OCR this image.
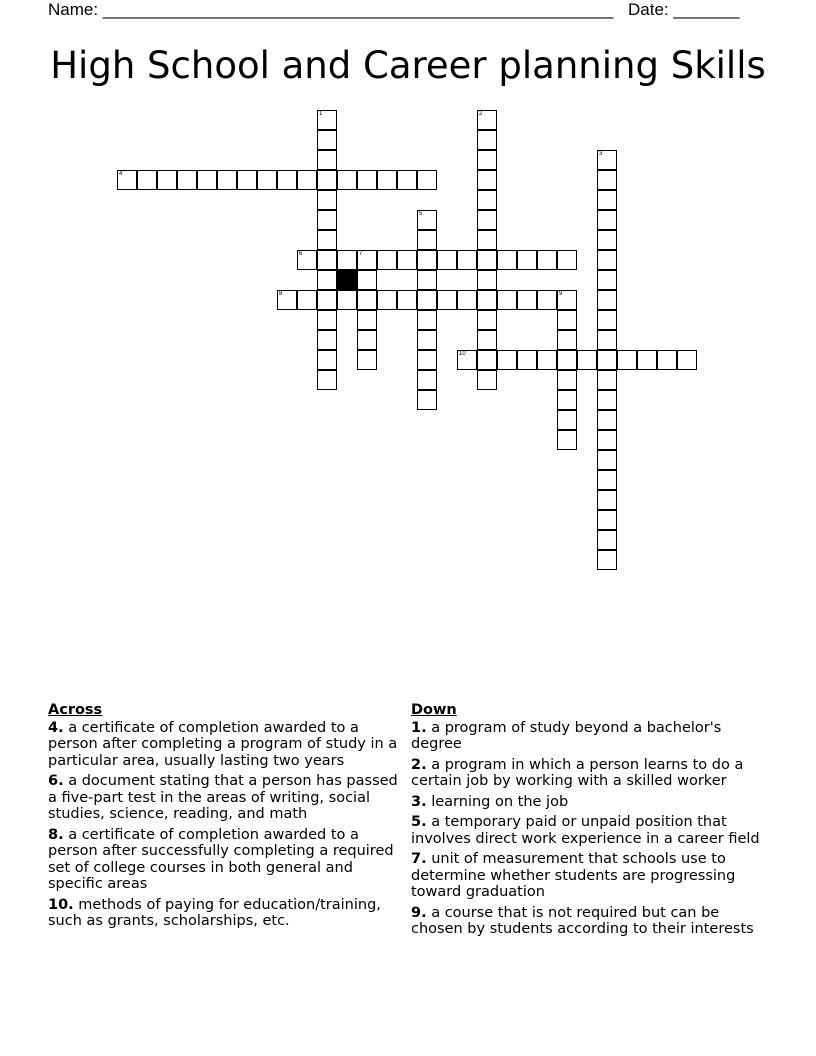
Name: ______________________________________________________ Date: _______
High School and Career planning Skills
4
6	7
8
10
1	2
3
5
9
Across
4. a certificate of completion awarded to a person after completing a program of study in a particular area, usually lasting two years
6. a document stating that a person has passed a five-part test in the areas of writing, social studies, science, reading, and math
8. a certificate of completion awarded to a person after successfully completing a required set of college courses in both general and specific areas
10. methods of paying for education/training, such as grants, scholarships, etc.
Down
1. a program of study beyond a bachelor's degree
2. a program in which a person learns to do a certain job by working with a skilled worker
3. learning on the job
5. a temporary paid or unpaid position that involves direct work experience in a career field
7. unit of measurement that schools use to determine whether students are progressing toward graduation
9. a course that is not required but can be chosen by students according to their interests
